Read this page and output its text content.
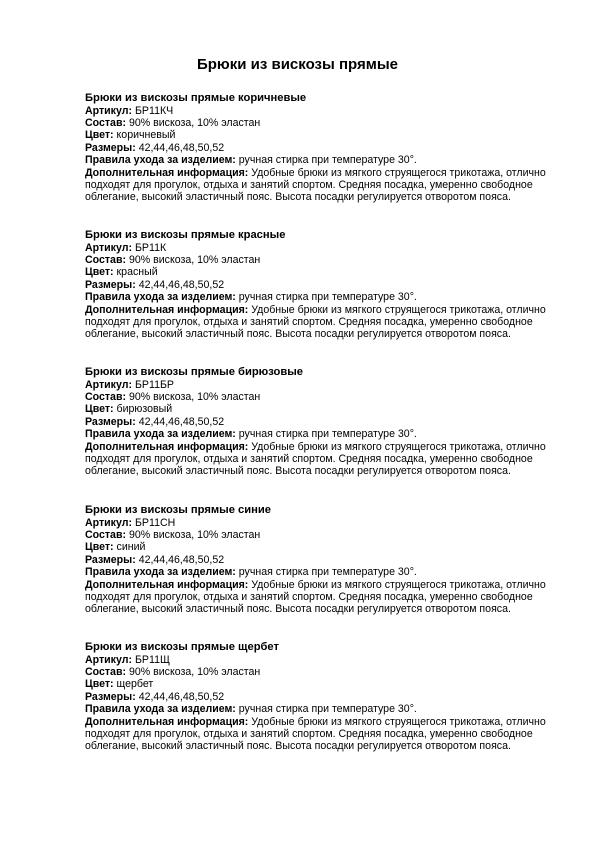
Брюки из вискозы прямые

Брюки из вискозы прямые коричневые

Артикул: БР11КЧ

Состав: 90% вискоза, 10% эластан

Цвет: коричневый

Размеры: 42,44,46,48,50,52

Правила ухода за изделием: ручная стирка при температуре 30°.

Дополнительная информация: Удобные брюки из мягкого струящегося трикотажа, отлично подходят для прогулок, отдыха и занятий спортом. Средняя посадка, умеренно свободное облегание, высокий эластичный пояс. Высота посадки регулируется отворотом пояса.

Брюки из вискозы прямые красные

Артикул: БР11К

Состав: 90% вискоза, 10% эластан

Цвет: красный

Размеры: 42,44,46,48,50,52

Правила ухода за изделием: ручная стирка при температуре 30°.

Дополнительная информация: Удобные брюки из мягкого струящегося трикотажа, отлично подходят для прогулок, отдыха и занятий спортом. Средняя посадка, умеренно свободное облегание, высокий эластичный пояс. Высота посадки регулируется отворотом пояса.

Брюки из вискозы прямые бирюзовые

Артикул: БР11БР

Состав: 90% вискоза, 10% эластан

Цвет: бирюзовый

Размеры: 42,44,46,48,50,52

Правила ухода за изделием: ручная стирка при температуре 30°.

Дополнительная информация: Удобные брюки из мягкого струящегося трикотажа, отлично подходят для прогулок, отдыха и занятий спортом. Средняя посадка, умеренно свободное облегание, высокий эластичный пояс. Высота посадки регулируется отворотом пояса.

Брюки из вискозы прямые синие

Артикул: БР11СН

Состав: 90% вискоза, 10% эластан

Цвет: синий

Размеры: 42,44,46,48,50,52

Правила ухода за изделием: ручная стирка при температуре 30°.

Дополнительная информация: Удобные брюки из мягкого струящегося трикотажа, отлично подходят для прогулок, отдыха и занятий спортом. Средняя посадка, умеренно свободное облегание, высокий эластичный пояс. Высота посадки регулируется отворотом пояса.

Брюки из вискозы прямые щербет

Артикул: БР11Щ

Состав: 90% вискоза, 10% эластан

Цвет: щербет

Размеры: 42,44,46,48,50,52

Правила ухода за изделием: ручная стирка при температуре 30°.

Дополнительная информация: Удобные брюки из мягкого струящегося трикотажа, отлично подходят для прогулок, отдыха и занятий спортом. Средняя посадка, умеренно свободное облегание, высокий эластичный пояс. Высота посадки регулируется отворотом пояса.
